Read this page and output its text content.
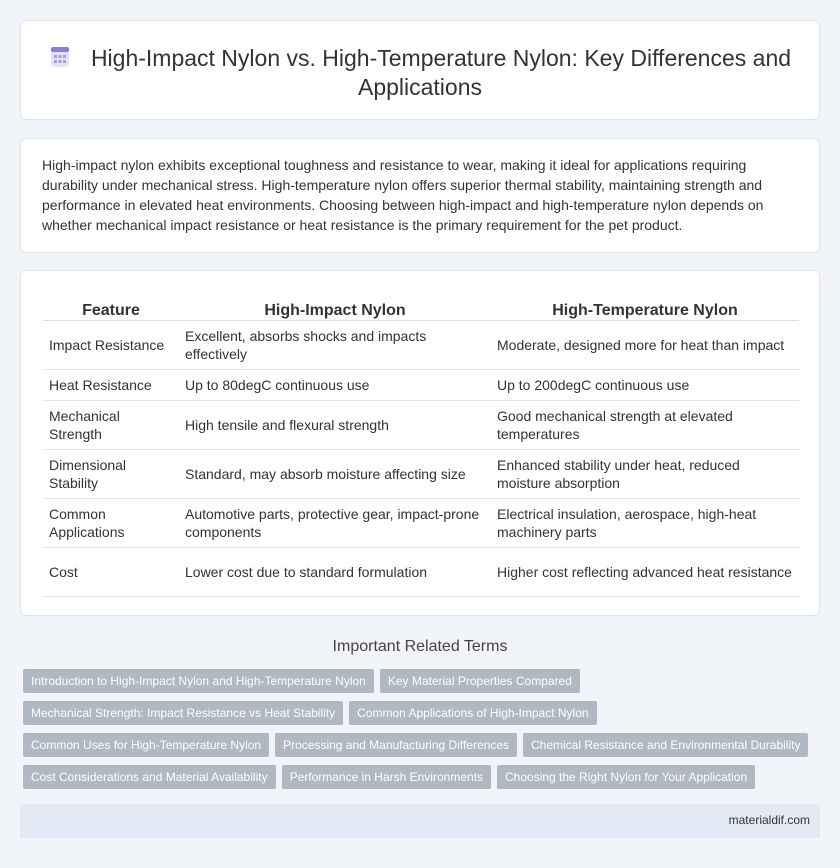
High-Impact Nylon vs. High-Temperature Nylon: Key Differences and Applications

High-impact nylon exhibits exceptional toughness and resistance to wear, making it ideal for applications requiring durability under mechanical stress. High-temperature nylon offers superior thermal stability, maintaining strength and performance in elevated heat environments. Choosing between high-impact and high-temperature nylon depends on whether mechanical impact resistance or heat resistance is the primary requirement for the pet product.

Feature	High-Impact Nylon	High-Temperature Nylon
Impact Resistance	Excellent, absorbs shocks and impacts effectively	Moderate, designed more for heat than impact
Heat Resistance	Up to 80degC continuous use	Up to 200degC continuous use
Mechanical Strength	High tensile and flexural strength	Good mechanical strength at elevated temperatures
Dimensional Stability	Standard, may absorb moisture affecting size	Enhanced stability under heat, reduced moisture absorption
Common Applications	Automotive parts, protective gear, impact-prone components	Electrical insulation, aerospace, high-heat machinery parts
Cost	Lower cost due to standard formulation	Higher cost reflecting advanced heat resistance
Important Related Terms
Introduction to High-Impact Nylon and High-Temperature Nylon Key Material Properties Compared
Mechanical Strength: Impact Resistance vs Heat Stability Common Applications of High-Impact Nylon
Common Uses for High-Temperature Nylon Processing and Manufacturing Differences Chemical Resistance and Environmental Durability
Cost Considerations and Material Availability Performance in Harsh Environments Choosing the Right Nylon for Your Application
materialdif.com
